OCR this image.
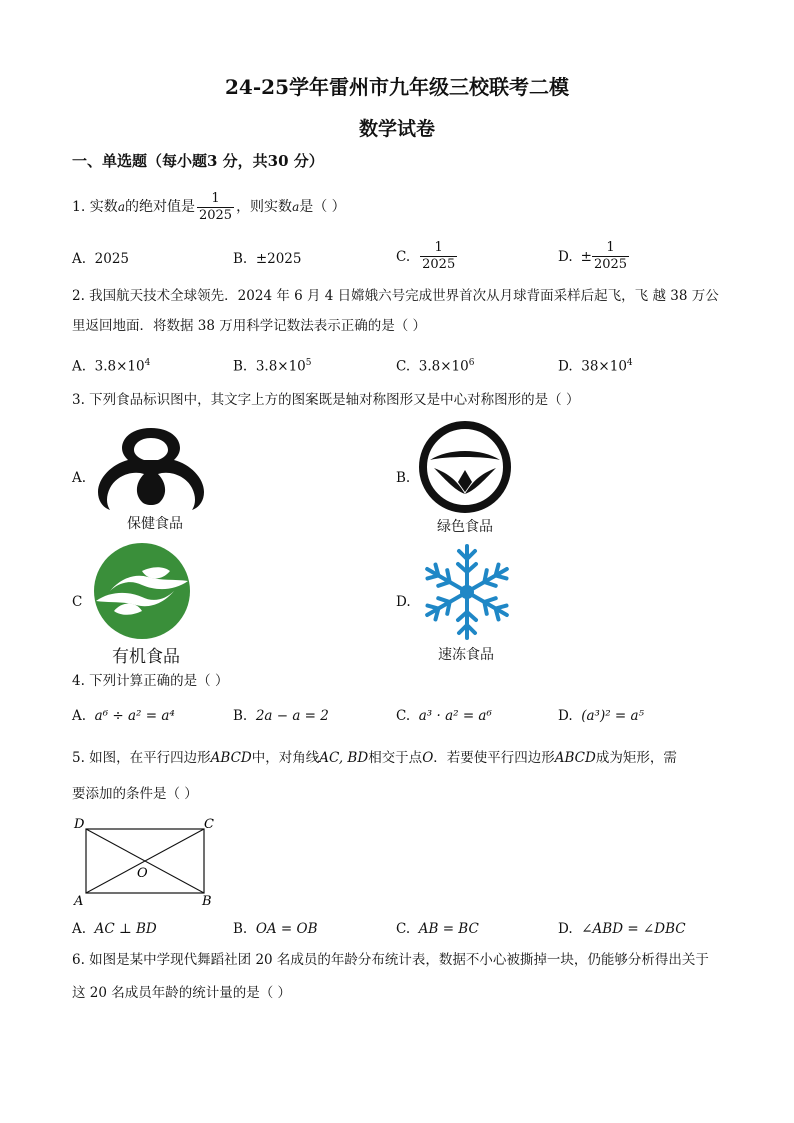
24-25学年雷州市九年级三校联考二模
数学试卷
一、单选题（每小题3 分，共30 分）
1. 实数 a 的绝对值是 $\frac{1}{2025}$ ，则实数 a 是（ ）
A. 2025	B. ±2025	C. $\frac{1}{2025}$	D. ± $\frac{1}{2025}$
2. 我国航天技术全球领先．2024 年 6 月 4 日嫦娥六号完成世界首次从月球背面采样后起飞，飞 越 38 万公
里返回地面．将数据 38 万用科学记数法表示正确的是（ ）
A. $3.8\times 10^4$	B. $3.8\times 10^5$	C. $3.8\times 10^6$	D. $38\times 10^4$
3. 下列食品标识图中，其文字上方的图案既是轴对称图形又是中心对称图形的是（ ）
A.
保健食品
B.
绿色食品
C
有机食品
D.
速冻食品
4. 下列计算正确的是（ ）
A. a⁶ ÷ a² = a⁴	B. 2a − a = 2	C. a³ · a² = a⁶	D. (a³)² = a⁵
5. 如图，在平行四边形ABCD中，对角线AC, BD相交于点O．若要使平行四边形ABCD成为矩形，需
要添加的条件是（ ）
D	C
A	B
O
A. AC ⊥ BD	B. OA = OB	C. AB = BC	D. ∠ABD = ∠DBC
6. 如图是某中学现代舞蹈社团 20 名成员的年龄分布统计表，数据不小心被撕掉一块，仍能够分析得出关于
这 20 名成员年龄的统计量的是（ ）
